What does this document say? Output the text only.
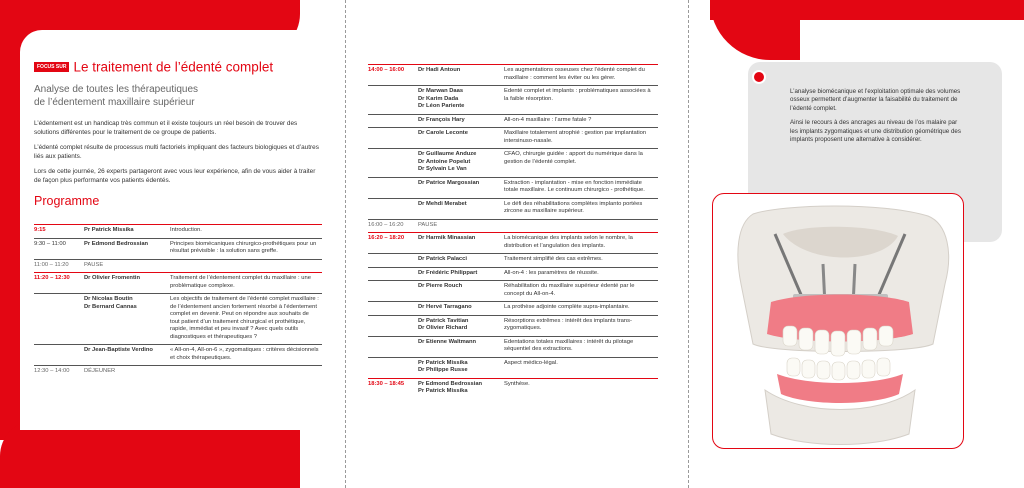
FOCUS SUR Le traitement de l’édenté complet
Analyse de toutes les thérapeutiques
de l’édentement maxillaire supérieur

L’édentement est un handicap très commun et il existe toujours un réel besoin de trouver des solutions différentes pour le traitement de ce groupe de patients.

L’édenté complet résulte de processus multi factoriels impliquant des facteurs biologiques et d’autres liés aux patients.

Lors de cette journée, 26 experts partageront avec vous leur expérience, afin de vous aider à traiter de façon plus performante vos patients édentés.

Programme
9:15	Pr Patrick Missika	Introduction.
9:30 – 11:00	Pr Edmond Bedrossian	Principes biomécaniques chirurgico-prothétiques pour un résultat prévisible : la solution sans greffe.
11:00 – 11:20	PAUSE	
11:20 – 12:30	Dr Olivier Fromentin	Traitement de l’édentement complet du maxillaire : une problématique complexe.

	Dr Nicolas Boutin
Dr Bernard Cannas	Les objectifs de traitement de l’édenté complet maxillaire : de l’édentement ancien fortement résorbé à l’édentement complet en devenir. Peut on répondre aux souhaits de tout patient d’un traitement chirurgical et prothétique, rapide, immédiat et peu invasif ? Avec quels outils diagnostiques et thérapeutiques ?

	Dr Jean-Baptiste Verdino	« All-on-4, All-on-6 », zygomatiques : critères décisionnels et choix thérapeutiques.
12:30 – 14:00	DÉJEUNER	
14:00 – 16:00	Dr Hadi Antoun	Les augmentations osseuses chez l’édenté complet du maxillaire : comment les éviter ou les gérer.

	Dr Marwan Daas
Dr Karim Dada
Dr Léon Pariente	Edenté complet et implants : problématiques associées à la faible résorption.

	Dr François Hary	All-on-4 maxillaire : l’arme fatale ?

	Dr Carole Leconte	Maxillaire totalement atrophié : gestion par implantation intersinuso-nasale.

	Dr Guillaume Anduze
Dr Antoine Popelut
Dr Sylvain Le Van	CFAO, chirurgie guidée : apport du numérique dans la gestion de l’édenté complet.

	Dr Patrice Margossian	Extraction - implantation - mise en fonction immédiate totale maxillaire. Le continuum chirurgico - prothétique.

	Dr Mehdi Merabet	Le défi des réhabilitations complètes implanto portées zircone au maxillaire supérieur.
16:00 – 16:20	PAUSE	
16:20 – 18:20	Dr Harmik Minassian	La biomécanique des implants selon le nombre, la distribution et l’angulation des implants.

	Dr Patrick Palacci	Traitement simplifié des cas extrêmes.

	Dr Frédéric Philippart	All-on-4 : les paramètres de réussite.

	Dr Pierre Rouch	Réhabilitation du maxillaire supérieur édenté par le concept du All-on-4.

	Dr Hervé Tarragano	La prothèse adjointe complète supra-implantaire.

	Dr Patrick Tavitian
Dr Olivier Richard	Résorptions extrêmes : intérêt des implants trans-zygomatiques.

	Dr Etienne Waltmann	Edentations totales maxillaires : intérêt du pilotage séquentiel des extractions.

	Pr Patrick Missika
Dr Philippe Russe	Aspect médico-légal.
18:30 – 18:45	Pr Edmond Bedrossian
Pr Patrick Missika	Synthèse.

L’analyse biomécanique et l’exploitation optimale des volumes osseux permettent d’augmenter la faisabilité du traitement de l’édenté complet.

Ainsi le recours à des ancrages au niveau de l’os malaire par les implants zygomatiques et une distribution géométrique des implants proposent une alternative à considérer.
